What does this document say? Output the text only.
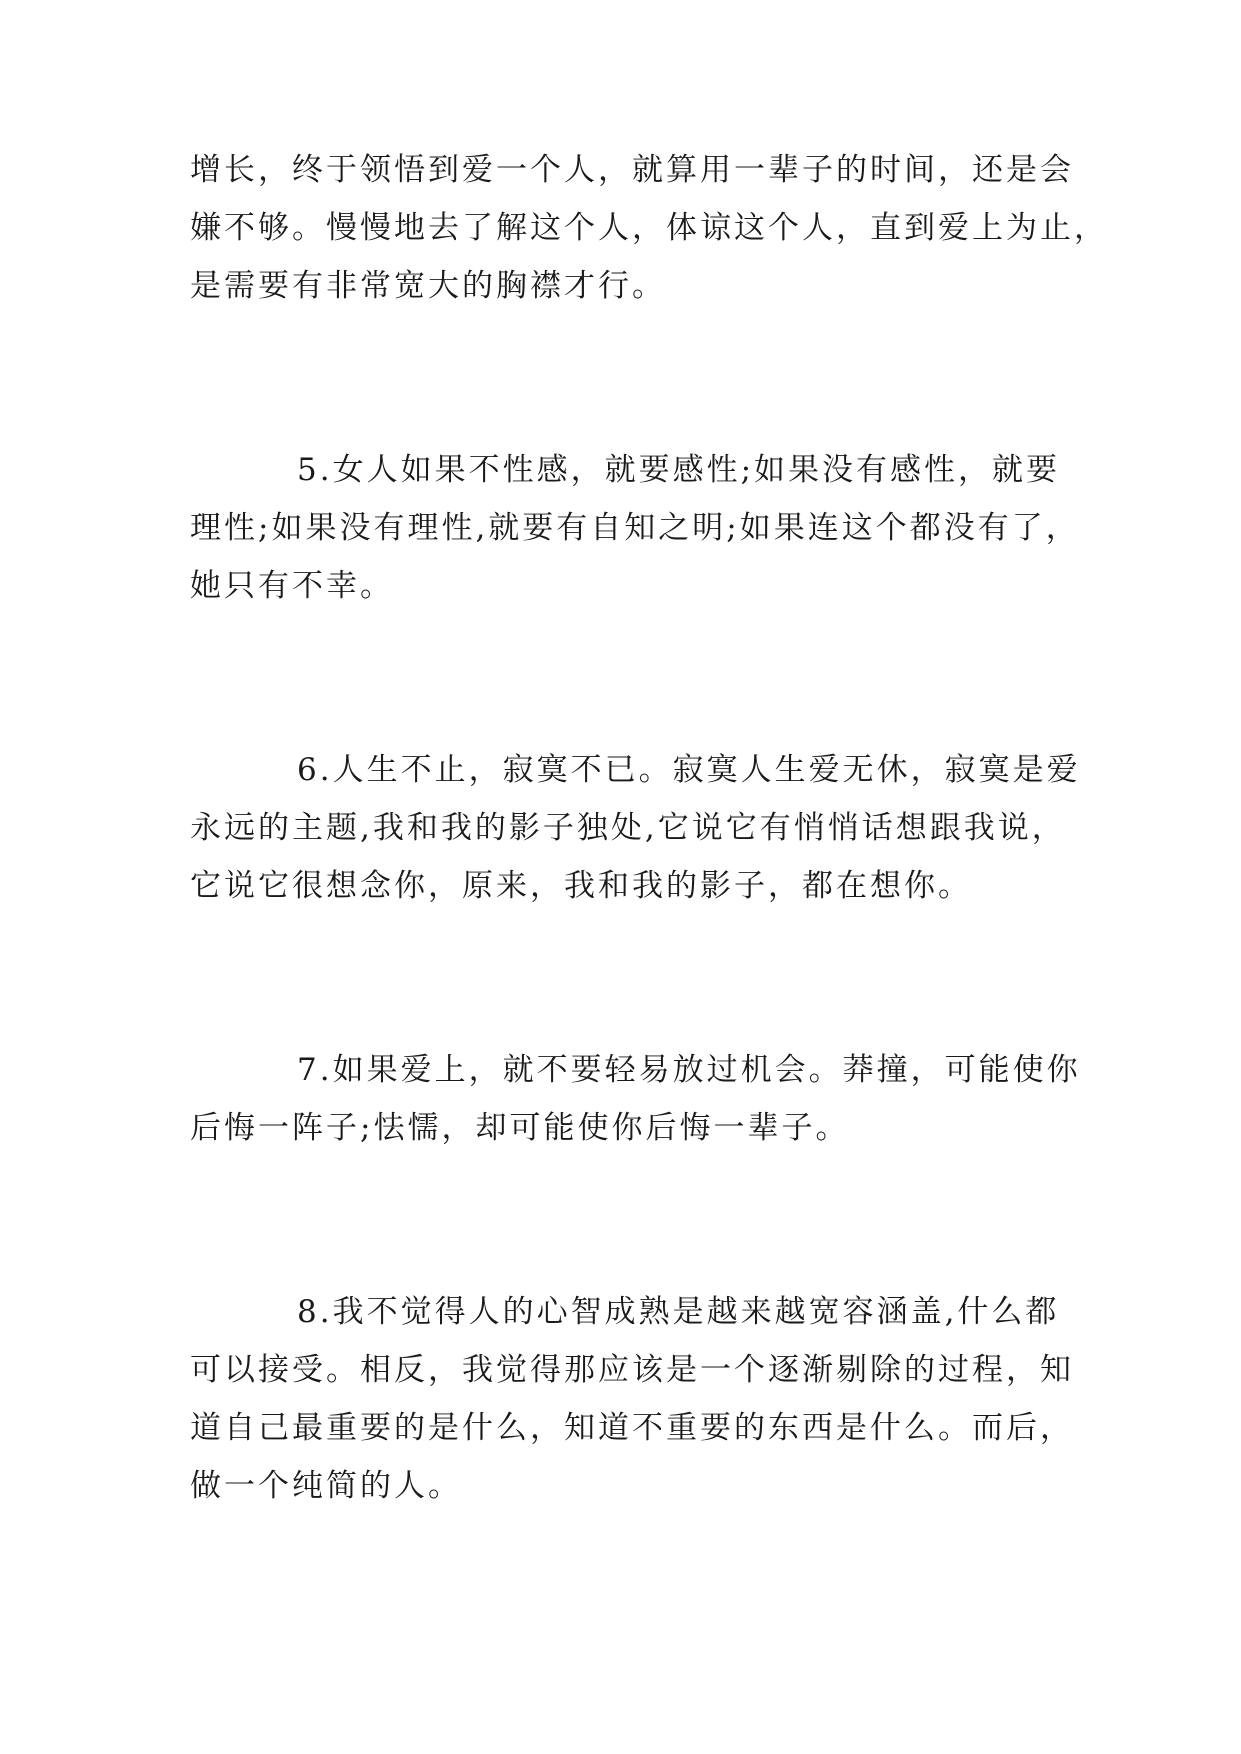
增长，终于领悟到爱一个人，就算用一辈子的时间，还是会
嫌不够。慢慢地去了解这个人，体谅这个人，直到爱上为止，
是需要有非常宽大的胸襟才行。
5.女人如果不性感，就要感性;如果没有感性，就要
理性;如果没有理性,就要有自知之明;如果连这个都没有了，
她只有不幸。
6.人生不止，寂寞不已。寂寞人生爱无休，寂寞是爱
永远的主题,我和我的影子独处,它说它有悄悄话想跟我说，
它说它很想念你，原来，我和我的影子，都在想你。
7.如果爱上，就不要轻易放过机会。莽撞，可能使你
后悔一阵子;怯懦，却可能使你后悔一辈子。
8.我不觉得人的心智成熟是越来越宽容涵盖,什么都
可以接受。相反，我觉得那应该是一个逐渐剔除的过程，知
道自己最重要的是什么，知道不重要的东西是什么。而后，
做一个纯简的人。
